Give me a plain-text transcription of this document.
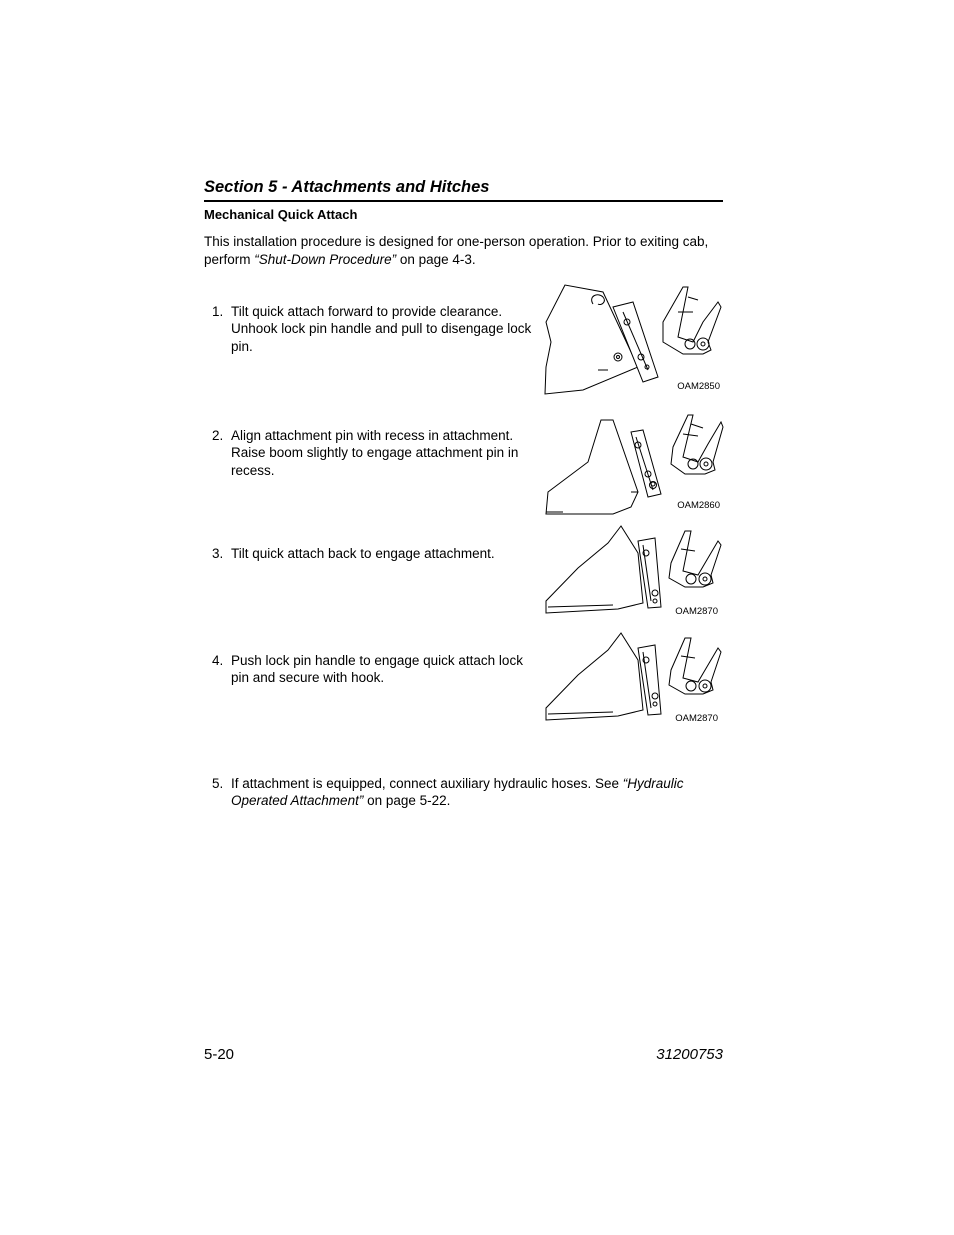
Section 5 - Attachments and Hitches
Mechanical Quick Attach
This installation procedure is designed for one-person operation. Prior to exiting cab, perform “Shut-Down Procedure” on page 4-3.
1. Tilt quick attach forward to provide clearance. Unhook lock pin handle and pull to disengage lock pin.
OAM2850
2. Align attachment pin with recess in attachment. Raise boom slightly to engage attachment pin in recess.
OAM2860
3. Tilt quick attach back to engage attachment.
OAM2870
4. Push lock pin handle to engage quick attach lock pin and secure with hook.
OAM2870
5. If attachment is equipped, connect auxiliary hydraulic hoses. See “Hydraulic Operated Attachment” on page 5-22.
5-20	31200753
